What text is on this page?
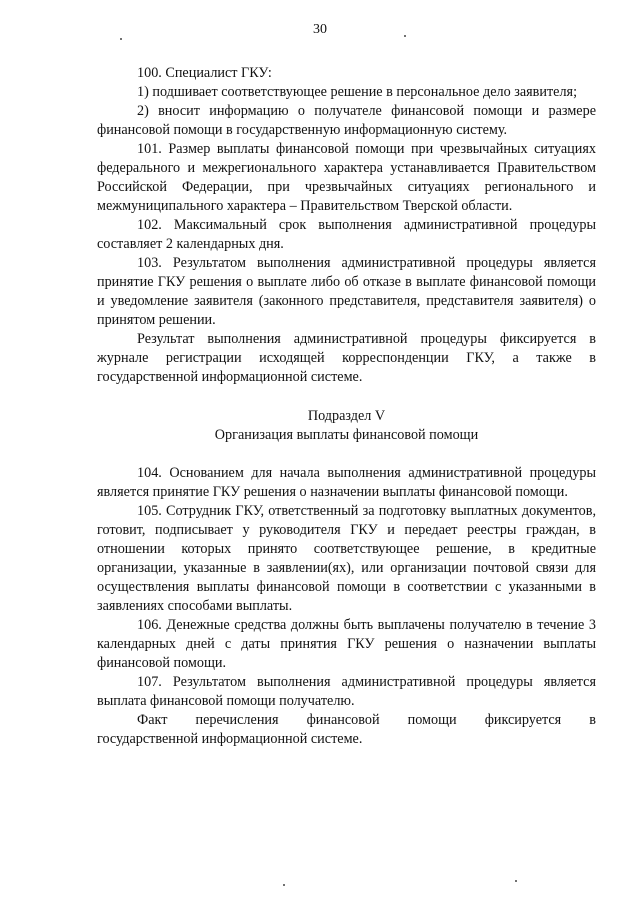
30

100. Специалист ГКУ:

1) подшивает соответствующее решение в персональное дело заявителя;

2) вносит информацию о получателе финансовой помощи и размере финансовой помощи в государственную информационную систему.

101. Размер выплаты финансовой помощи при чрезвычайных ситуациях федерального и межрегионального характера устанавливается Правительством Российской Федерации, при чрезвычайных ситуациях регионального и межмуниципального характера – Правительством Тверской области.

102. Максимальный срок выполнения административной процедуры составляет 2 календарных дня.

103. Результатом выполнения административной процедуры является принятие ГКУ решения о выплате либо об отказе в выплате финансовой помощи и уведомление заявителя (законного представителя, представителя заявителя) о принятом решении.

Результат выполнения административной процедуры фиксируется в журнале регистрации исходящей корреспонденции ГКУ, а также в государственной информационной системе.

Подраздел V

Организация выплаты финансовой помощи

104. Основанием для начала выполнения административной процедуры является принятие ГКУ решения о назначении выплаты финансовой помощи.

105. Сотрудник ГКУ, ответственный за подготовку выплатных документов, готовит, подписывает у руководителя ГКУ и передает реестры граждан, в отношении которых принято соответствующее решение, в кредитные организации, указанные в заявлении(ях), или организации почтовой связи для осуществления выплаты финансовой помощи в соответствии с указанными в заявлениях способами выплаты.

106. Денежные средства должны быть выплачены получателю в течение 3 календарных дней с даты принятия ГКУ решения о назначении выплаты финансовой помощи.

107. Результатом выполнения административной процедуры является выплата финансовой помощи получателю.

Факт перечисления финансовой помощи фиксируется в
государственной информационной системе.
